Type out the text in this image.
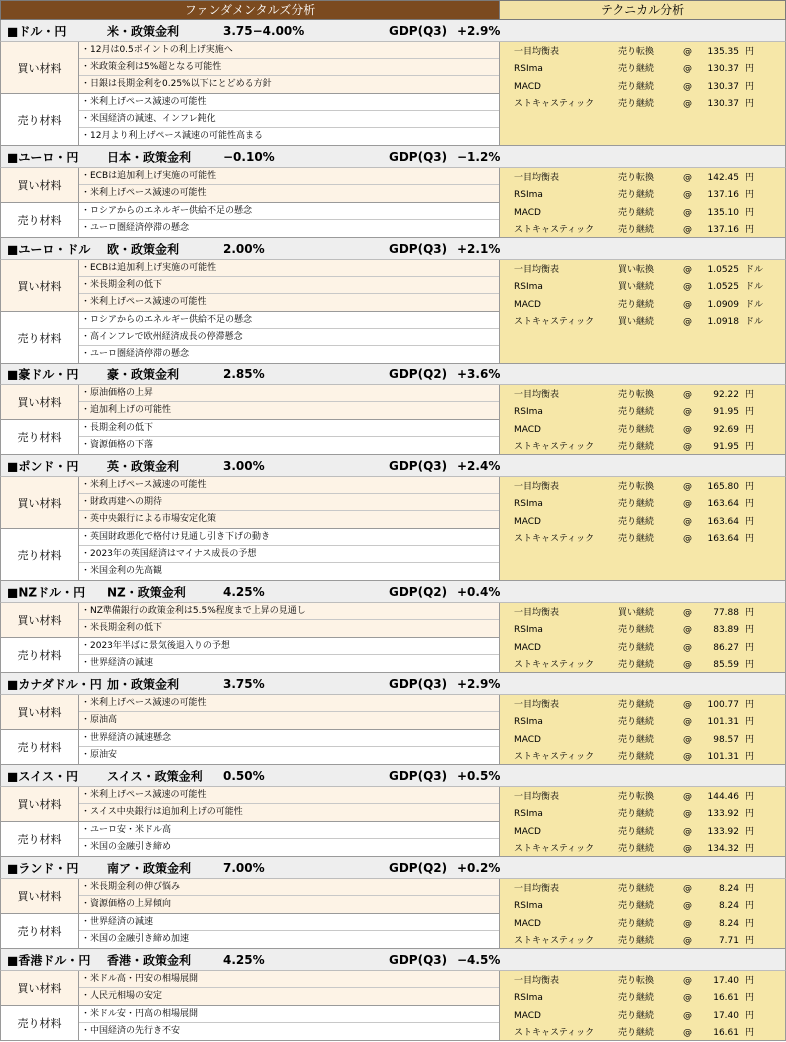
ファンダメンタルズ分析	テクニカル分析
■ドル・円	米・政策金利	3.75−4.00%	GDP(Q3) +2.9%
買い材料
・12月は0.5ポイントの利上げ実施へ
・米政策金利は5%超となる可能性
・日銀は長期金利を0.25%以下にとどめる方針
売り材料
・米利上げペース減速の可能性
・米国経済の減速、インフレ鈍化
・12月より利上げペース減速の可能性高まる
一目均衡表	売り転換	@ 135.35 円
RSIma	売り継続	@ 130.37 円
MACD	売り継続	@ 130.37 円
ストキャスティック	売り継続	@ 130.37 円
■ユーロ・円 日本・政策金利	−0.10%	GDP(Q3) −1.2%
買い材料
・ECBは追加利上げ実施の可能性
・米利上げペース減速の可能性
売り材料
・ロシアからのエネルギー供給不足の懸念
・ユーロ圏経済停滞の懸念
一目均衡表	売り転換	@ 142.45 円
RSIma	売り継続	@ 137.16 円
MACD	売り継続	@ 135.10 円
ストキャスティック	売り継続	@ 137.16 円
■ユーロ・ドル 欧・政策金利	2.00%	GDP(Q3) +2.1%
買い材料
・ECBは追加利上げ実施の可能性
・米長期金利の低下
・米利上げペース減速の可能性
売り材料
・ロシアからのエネルギー供給不足の懸念
・高インフレで欧州経済成長の停滞懸念
・ユーロ圏経済停滞の懸念
一目均衡表	買い転換	@ 1.0525 ドル
RSIma	買い継続	@ 1.0525 ドル
MACD	売り継続	@ 1.0909 ドル
ストキャスティック	買い継続	@ 1.0918 ドル
■豪ドル・円 豪・政策金利	2.85%	GDP(Q2) +3.6%
買い材料
・原油価格の上昇
・追加利上げの可能性
売り材料
・長期金利の低下
・資源価格の下落
一目均衡表	売り転換	@ 92.22 円
RSIma	売り継続	@ 91.95 円
MACD	売り継続	@ 92.69 円
ストキャスティック	売り継続	@ 91.95 円
■ポンド・円 英・政策金利	3.00%	GDP(Q3) +2.4%
買い材料
・米利上げペース減速の可能性
・財政再建への期待
・英中央銀行による市場安定化策
売り材料
・英国財政悪化で格付け見通し引き下げの動き
・2023年の英国経済はマイナス成長の予想
・米国金利の先高観
一目均衡表	売り転換	@ 165.80 円
RSIma	売り継続	@ 163.64 円
MACD	売り継続	@ 163.64 円
ストキャスティック	売り継続	@ 163.64 円
■NZドル・円 NZ・政策金利	4.25%	GDP(Q2) +0.4%
買い材料
・NZ準備銀行の政策金利は5.5%程度まで上昇の見通し
・米長期金利の低下
売り材料
・2023年半ばに景気後退入りの予想
・世界経済の減速
一目均衡表	買い継続	@ 77.88 円
RSIma	売り継続	@ 83.89 円
MACD	売り継続	@ 86.27 円
ストキャスティック	売り継続	@ 85.59 円
■カナダドル・円 加・政策金利	3.75%	GDP(Q3) +2.9%
買い材料
・米利上げペース減速の可能性
・原油高
売り材料
・世界経済の減速懸念
・原油安
一目均衡表	売り継続	@ 100.77 円
RSIma	売り継続	@ 101.31 円
MACD	売り継続	@ 98.57 円
ストキャスティック	売り継続	@ 101.31 円
■スイス・円 スイス・政策金利 0.50%	GDP(Q3) +0.5%
買い材料
・米利上げペース減速の可能性
・スイス中央銀行は追加利上げの可能性
売り材料
・ユーロ安・米ドル高
・米国の金融引き締め
一目均衡表	売り転換	@ 144.46 円
RSIma	売り継続	@ 133.92 円
MACD	売り継続	@ 133.92 円
ストキャスティック	売り継続	@ 134.32 円
■ランド・円 南ア・政策金利	7.00%	GDP(Q2) +0.2%
買い材料
・米長期金利の伸び悩み
・資源価格の上昇傾向
売り材料
・世界経済の減速
・米国の金融引き締め加速
一目均衡表	売り継続	@	8.24 円
RSIma	売り継続	@	8.24 円
MACD	売り継続	@	8.24 円
ストキャスティック	売り継続	@	7.71 円
■香港ドル・円 香港・政策金利	4.25%	GDP(Q3) −4.5%
買い材料
・米ドル高・円安の相場展開
・人民元相場の安定
売り材料
・米ドル安・円高の相場展開
・中国経済の先行き不安
一目均衡表	売り転換	@ 17.40 円
RSIma	売り継続	@ 16.61 円
MACD	売り継続	@ 17.40 円
ストキャスティック	売り継続	@ 16.61 円
